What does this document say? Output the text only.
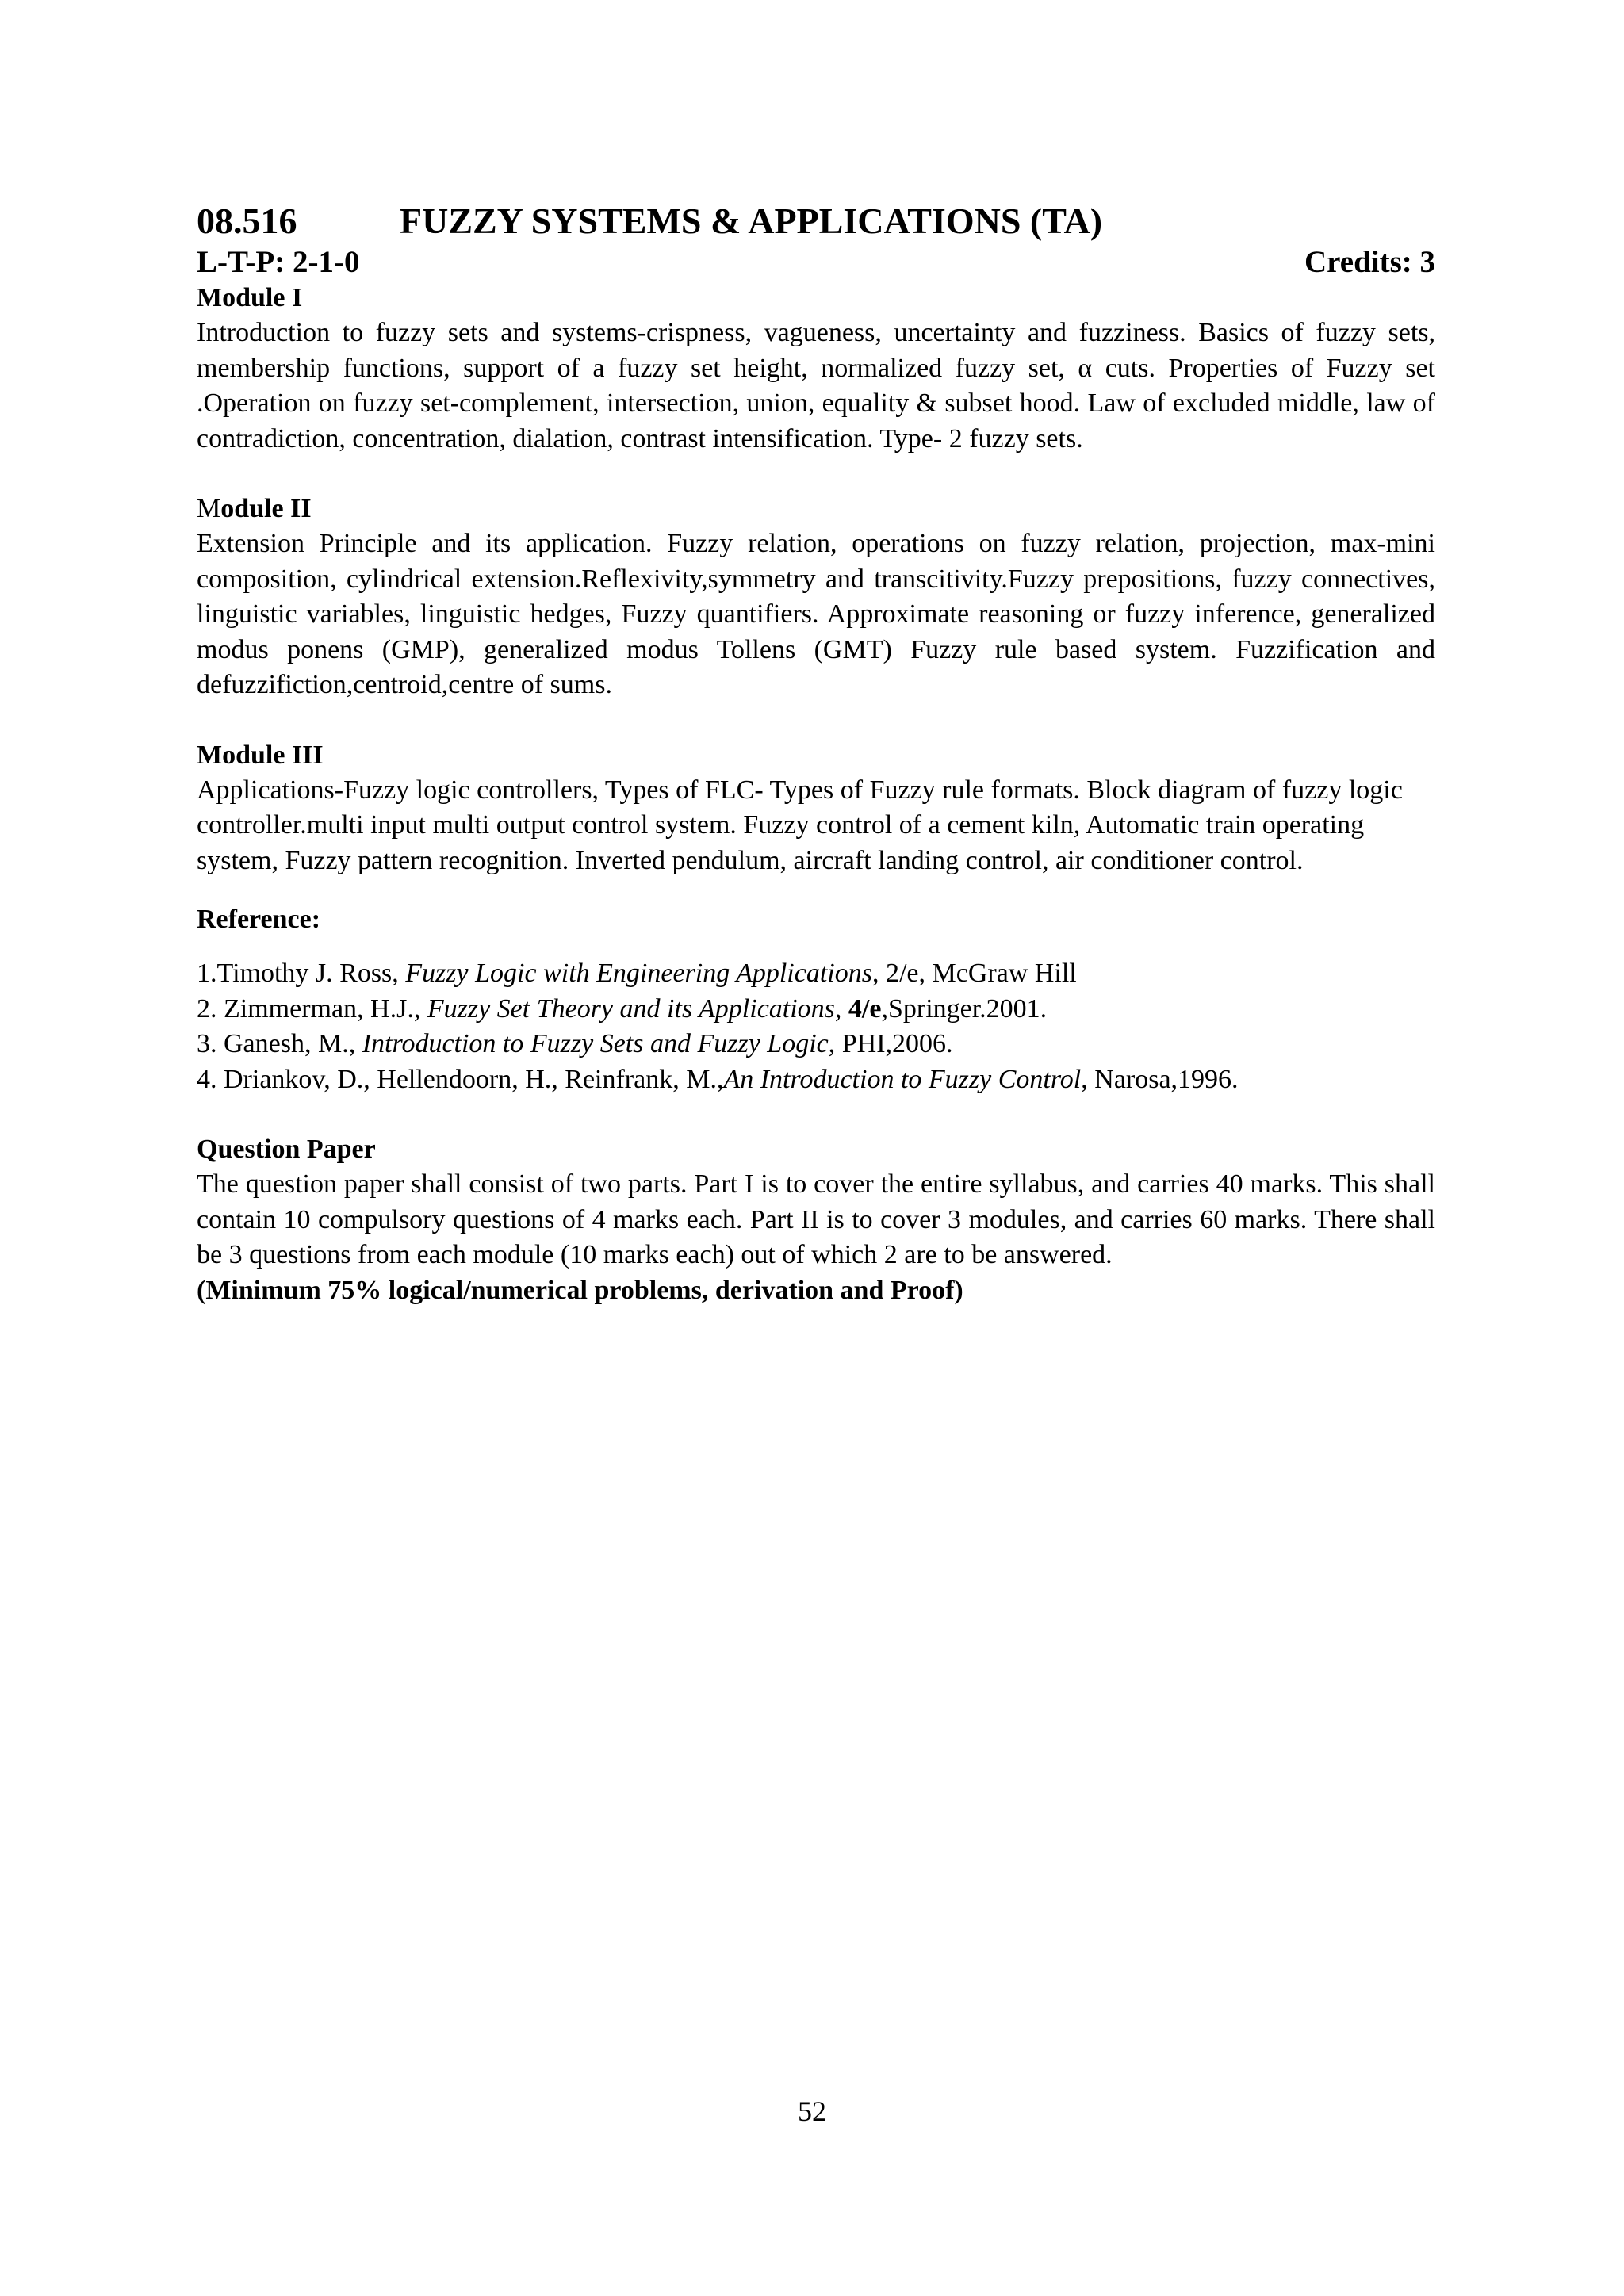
08.516	FUZZY SYSTEMS & APPLICATIONS (TA)
L-T-P: 2-1-0	Credits: 3
Module I
Introduction to fuzzy sets and systems-crispness, vagueness, uncertainty and fuzziness. Basics of fuzzy sets, membership functions, support of a fuzzy set height, normalized fuzzy set, α cuts. Properties of Fuzzy set .Operation on fuzzy set-complement, intersection, union, equality & subset hood. Law of excluded middle, law of contradiction, concentration, dialation, contrast intensification. Type- 2 fuzzy sets.
Module II
Extension Principle and its application. Fuzzy relation, operations on fuzzy relation, projection, max-mini composition, cylindrical extension.Reflexivity,symmetry and transcitivity.Fuzzy prepositions, fuzzy connectives, linguistic variables, linguistic hedges, Fuzzy quantifiers. Approximate reasoning or fuzzy inference, generalized modus ponens (GMP), generalized modus Tollens (GMT) Fuzzy rule based system. Fuzzification and defuzzifiction,centroid,centre of sums.
Module III
Applications-Fuzzy logic controllers, Types of FLC- Types of Fuzzy rule formats. Block diagram of fuzzy logic controller.multi input multi output control system. Fuzzy control of a cement kiln, Automatic train operating system, Fuzzy pattern recognition. Inverted pendulum, aircraft landing control, air conditioner control.
Reference:
1.Timothy J. Ross, Fuzzy Logic with Engineering Applications, 2/e, McGraw Hill
2. Zimmerman, H.J., Fuzzy Set Theory and its Applications, 4/e,Springer.2001.
3. Ganesh, M., Introduction to Fuzzy Sets and Fuzzy Logic, PHI,2006.
4. Driankov, D., Hellendoorn, H., Reinfrank, M.,An Introduction to Fuzzy Control, Narosa,1996.
Question Paper
The question paper shall consist of two parts. Part I is to cover the entire syllabus, and carries 40 marks. This shall contain 10 compulsory questions of 4 marks each. Part II is to cover 3 modules, and carries 60 marks. There shall be 3 questions from each module (10 marks each) out of which 2 are to be answered.
(Minimum 75% logical/numerical problems, derivation and Proof)
52
